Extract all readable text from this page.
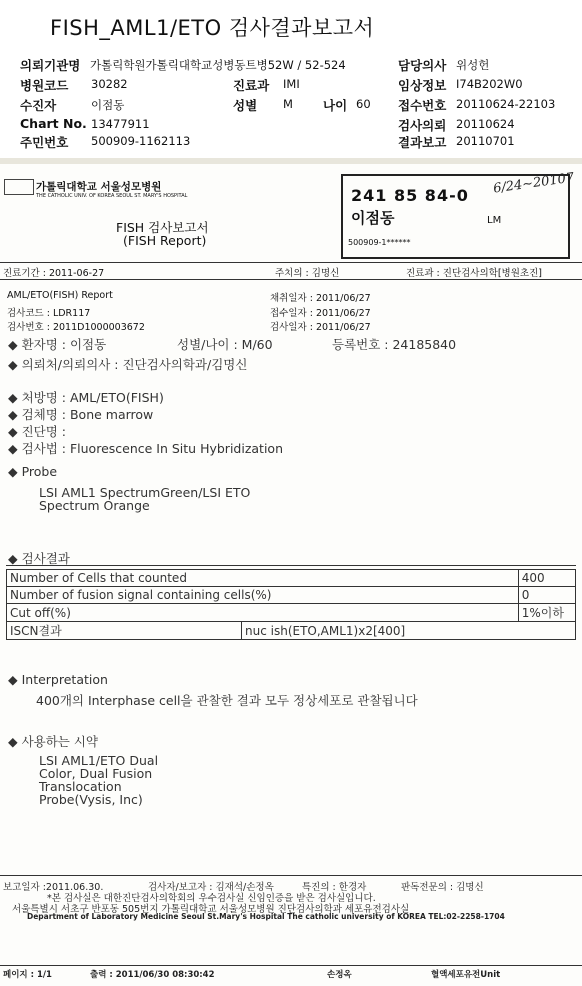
FISH_AML1/ETO 검사결과보고서
의뢰기관명 가톨릭학원가톨릭대학교성병동트병52W / 52-524	담당의사 위성헌
병원코드 30282	진료과 IMI	임상정보 I74B202W0
수진자	이점동	성별 M 나이 60 접수번호 20110624-22103
Chart No. 13477911	검사의뢰 20110624
주민번호 500909-1162113	결과보고 20110701
가톨릭대학교 서울성모병원
THE CATHOLIC UNIV. OF KOREA SEOUL ST. MARY'S HOSPITAL
FISH 검사보고서
(FISH Report)
241 85 84-0
이점동
500909-1******
LM
6/24~20107
진료기간 : 2011-06-27	주치의 : 김명신	진료과 : 진단검사의학[병원초진]
AML/ETO(FISH) Report
검사코드 : LDR117
검사번호 : 2011D1000003672
채취일자 : 2011/06/27
접수일자 : 2011/06/27
검사일자 : 2011/06/27
◆ 환자명 : 이점동	성별/나이 : M/60	등록번호 : 24185840
◆ 의뢰처/의뢰의사 : 진단검사의학과/김명신
◆ 처방명 : AML/ETO(FISH)
◆ 검체명 : Bone marrow
◆ 진단명 :
◆ 검사법 : Fluorescence In Situ Hybridization
◆ Probe
LSI AML1 SpectrumGreen/LSI ETO
Spectrum Orange
◆ 검사결과
Number of Cells that counted		400
Number of fusion signal containing cells(%)		0
Cut off(%)		1%이하
ISCN결과	nuc ish(ETO,AML1)x2[400]	
◆ Interpretation
400개의 Interphase cell을 관찰한 결과 모두 정상세포로 관찰됩니다
◆ 사용하는 시약
LSI AML1/ETO Dual
Color, Dual Fusion
Translocation
Probe(Vysis, Inc)
보고일자 :2011.06.30.	검사자/보고자 : 김재석/손정옥	특진의 : 한경자	판독전문의 : 김명신
*본 검사실은 대한진단검사의학회의 우수검사실 신임인증을 받은 검사실입니다.
서울특별시 서초구 반포동 505번지 가톨릭대학교 서울성모병원 진단검사의학과 세포유전검사실
Department of Laboratory Medicine Seoul St.Mary's Hospital The catholic university of KOREA TEL:02-2258-1704
페이지 : 1/1	출력 : 2011/06/30 08:30:42	손정옥	혈액세포유전Unit
